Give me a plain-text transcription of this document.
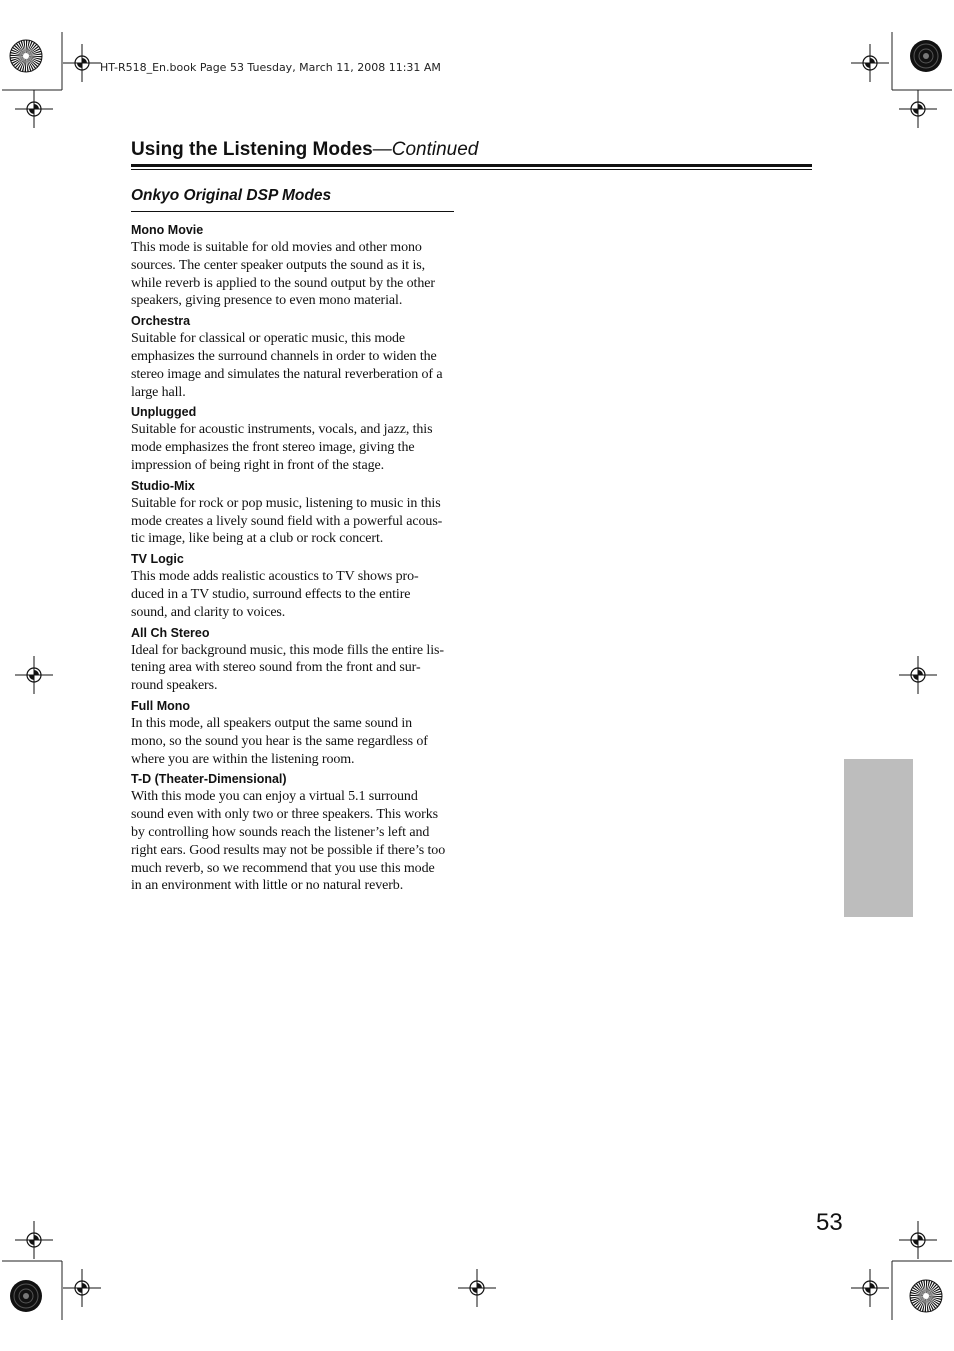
HT-R518_En.book Page 53 Tuesday, March 11, 2008 11:31 AM
Using the Listening Modes—Continued
Onkyo Original DSP Modes
Mono Movie

This mode is suitable for old movies and other mono
sources. The center speaker outputs the sound as it is,
while reverb is applied to the sound output by the other
speakers, giving presence to even mono material.

Orchestra

Suitable for classical or operatic music, this mode
emphasizes the surround channels in order to widen the
stereo image and simulates the natural reverberation of a
large hall.

Unplugged

Suitable for acoustic instruments, vocals, and jazz, this
mode emphasizes the front stereo image, giving the
impression of being right in front of the stage.

Studio-Mix

Suitable for rock or pop music, listening to music in this
mode creates a lively sound field with a powerful acous-
tic image, like being at a club or rock concert.

TV Logic

This mode adds realistic acoustics to TV shows pro-
duced in a TV studio, surround effects to the entire
sound, and clarity to voices.

All Ch Stereo

Ideal for background music, this mode fills the entire lis-
tening area with stereo sound from the front and sur-
round speakers.

Full Mono

In this mode, all speakers output the same sound in
mono, so the sound you hear is the same regardless of
where you are within the listening room.

T-D (Theater-Dimensional)

With this mode you can enjoy a virtual 5.1 surround
sound even with only two or three speakers. This works
by controlling how sounds reach the listener’s left and
right ears. Good results may not be possible if there’s too
much reverb, so we recommend that you use this mode
in an environment with little or no natural reverb.

53
